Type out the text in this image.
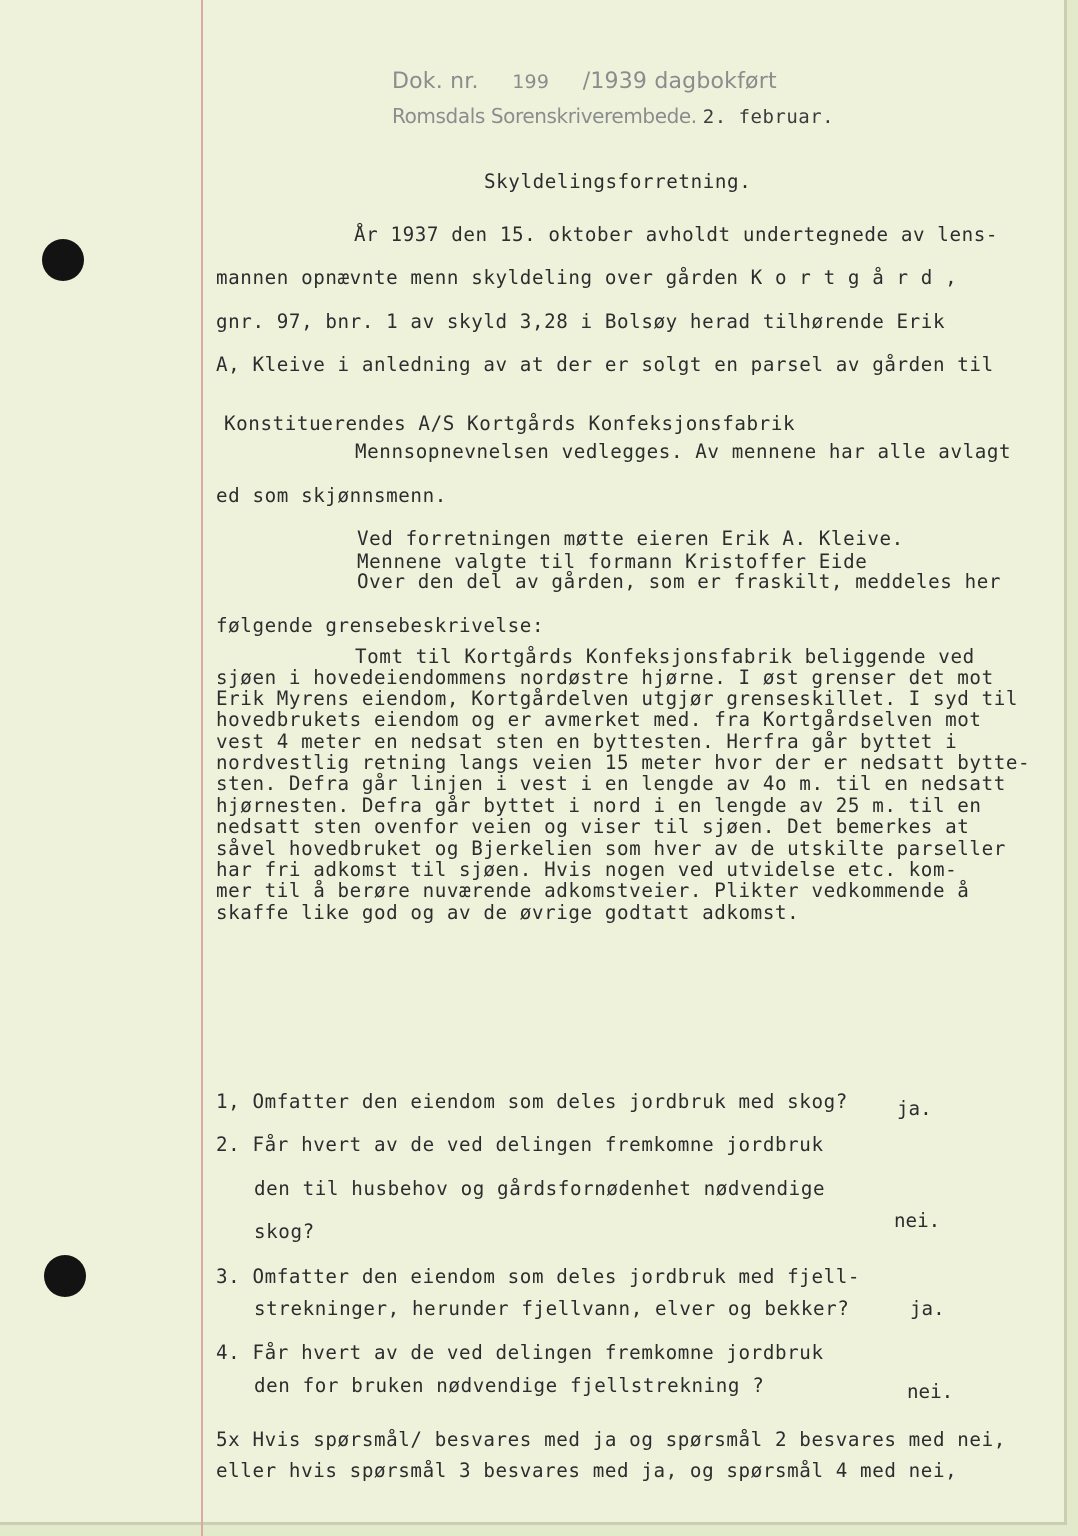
Dok. nr. 199 /1939 dagbokført
Romsdals Sorenskriverembede. 2. februar.
Skyldelingsforretning.
År 1937 den 15. oktober avholdt undertegnede av lens-
mannen opnævnte menn skyldeling over gården K o r t g å r d ,
gnr. 97, bnr. 1 av skyld 3,28 i Bolsøy herad tilhørende Erik
A, Kleive i anledning av at der er solgt en parsel av gården til
Konstituerendes A/S Kortgårds Konfeksjonsfabrik
Mennsopnevnelsen vedlegges. Av mennene har alle avlagt
ed som skjønnsmenn.
Ved forretningen møtte eieren Erik A. Kleive.
Mennene valgte til formann Kristoffer Eide
Over den del av gården, som er fraskilt, meddeles her
følgende grensebeskrivelse:
Tomt til Kortgårds Konfeksjonsfabrik beliggende ved
sjøen i hovedeiendommens nordøstre hjørne. I øst grenser det mot
Erik Myrens eiendom, Kortgårdelven utgjør grenseskillet. I syd til
hovedbrukets eiendom og er avmerket med. fra Kortgårdselven mot
vest 4 meter en nedsat sten en byttesten. Herfra går byttet i
nordvestlig retning langs veien 15 meter hvor der er nedsatt bytte-
sten. Defra går linjen i vest i en lengde av 4o m. til en nedsatt
hjørnesten. Defra går byttet i nord i en lengde av 25 m. til en
nedsatt sten ovenfor veien og viser til sjøen. Det bemerkes at
såvel hovedbruket og Bjerkelien som hver av de utskilte parseller
har fri adkomst til sjøen. Hvis nogen ved utvidelse etc. kom-
mer til å berøre nuværende adkomstveier. Plikter vedkommende å
skaffe like god og av de øvrige godtatt adkomst.
1, Omfatter den eiendom som deles jordbruk med skog?	ja.
2. Får hvert av de ved delingen fremkomne jordbruk
den til husbehov og gårdsfornødenhet nødvendige
skog?	nei.
3. Omfatter den eiendom som deles jordbruk med fjell-
strekninger, herunder fjellvann, elver og bekker?	ja.
4. Får hvert av de ved delingen fremkomne jordbruk
den for bruken nødvendige fjellstrekning ?	nei.
5x Hvis spørsmål/ besvares med ja og spørsmål 2 besvares med nei,
eller hvis spørsmål 3 besvares med ja, og spørsmål 4 med nei,
